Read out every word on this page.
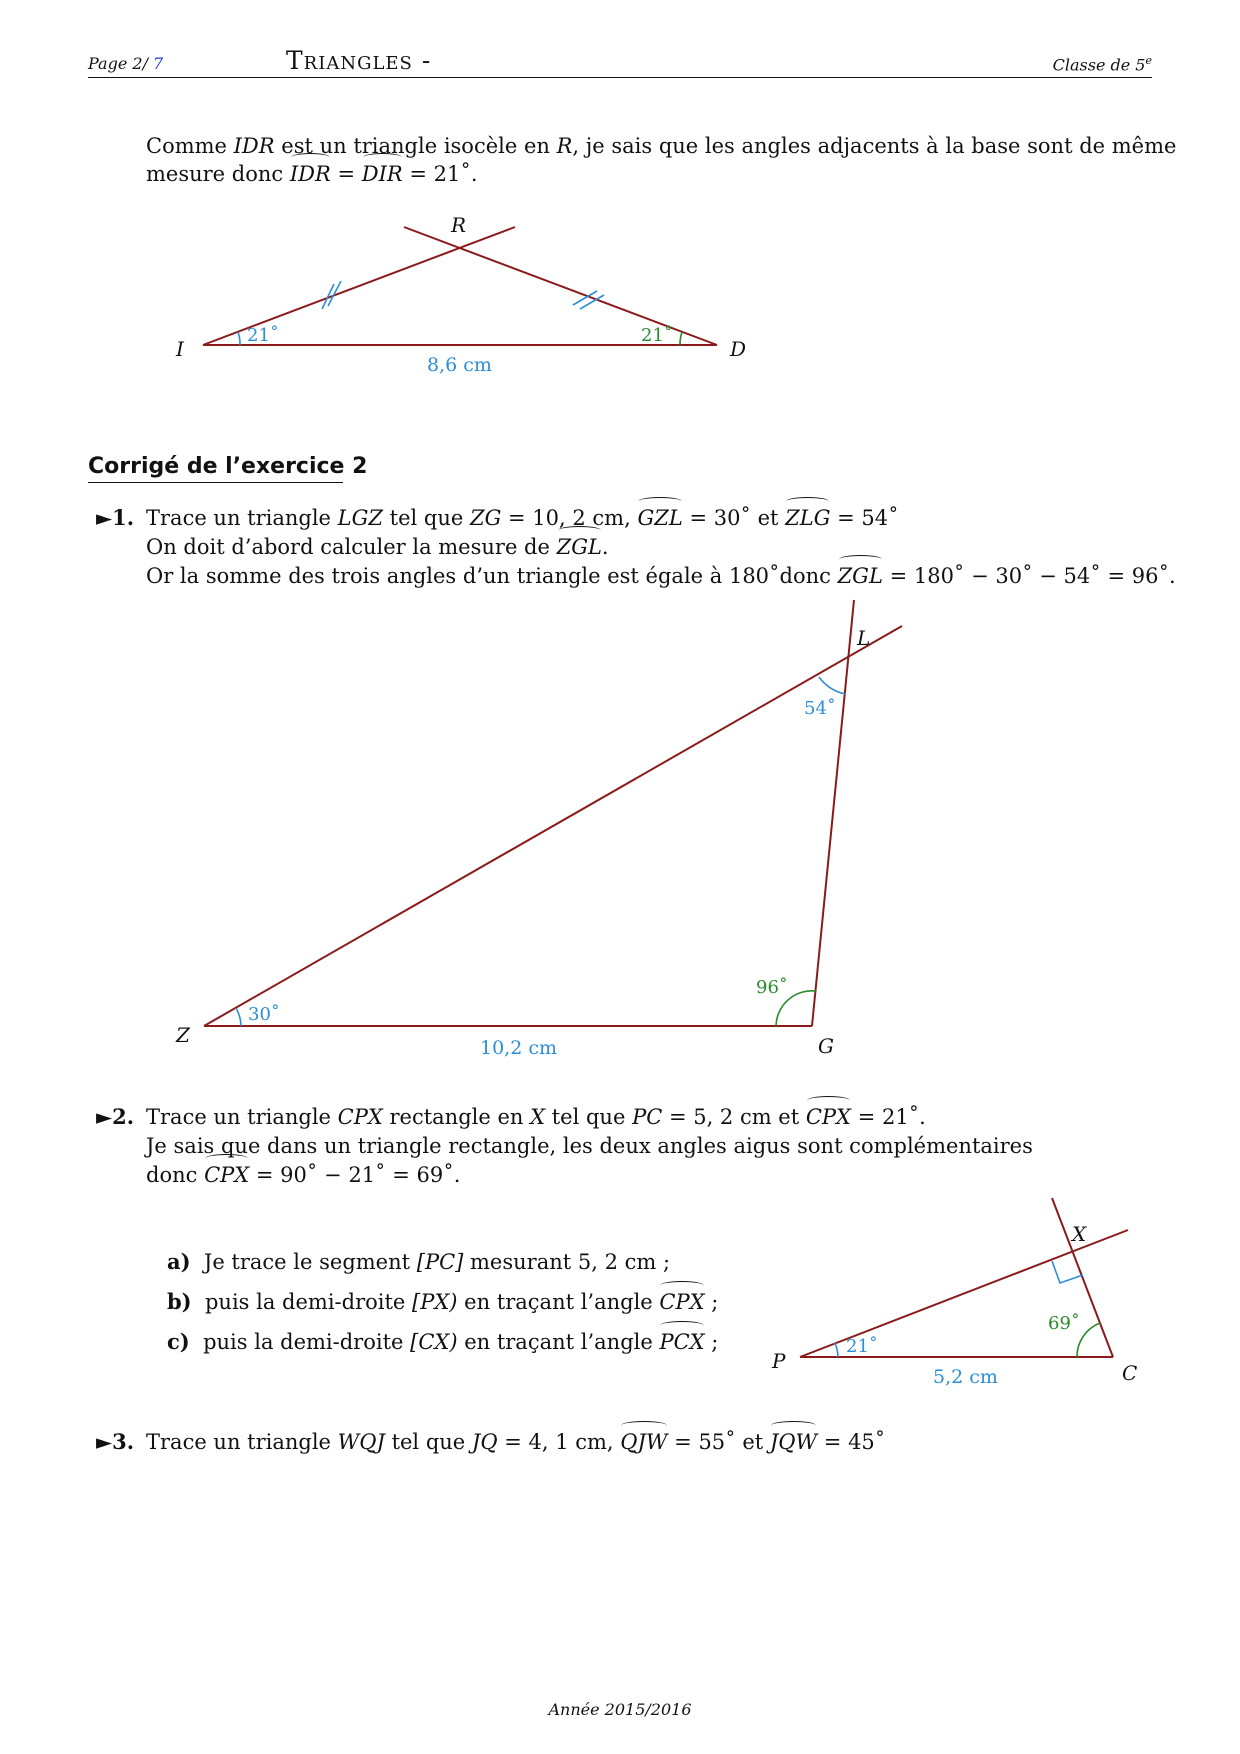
Page 2/ 7	Triangles -	Classe de 5e
Comme IDR est un triangle isocèle en R, je sais que les angles adjacents à la base sont de même
mesure donc IDR = DIR = 21˚.
R
I	D
21˚	21˚
8,6 cm
Corrigé de l’exercice 2
►1. Trace un triangle LGZ tel que ZG = 10, 2 cm, GZL = 30˚ et ZLG = 54˚
On doit d’abord calculer la mesure de ZGL.
Or la somme des trois angles d’un triangle est égale à 180˚donc ZGL = 180˚ − 30˚ − 54˚ = 96˚.
L
Z	G
54˚
30˚
96˚
10,2 cm
►2. Trace un triangle CPX rectangle en X tel que PC = 5, 2 cm et CPX = 21˚.
Je sais que dans un triangle rectangle, les deux angles aigus sont complémentaires
donc CPX = 90˚ − 21˚ = 69˚.
a) Je trace le segment [PC] mesurant 5, 2 cm ;
b) puis la demi-droite [PX) en traçant l’angle CPX ;
c) puis la demi-droite [CX) en traçant l’angle PCX ;
X
P	C
21˚
69˚
5,2 cm
►3. Trace un triangle WQJ tel que JQ = 4, 1 cm, QJW = 55˚ et JQW = 45˚
Année 2015/2016
